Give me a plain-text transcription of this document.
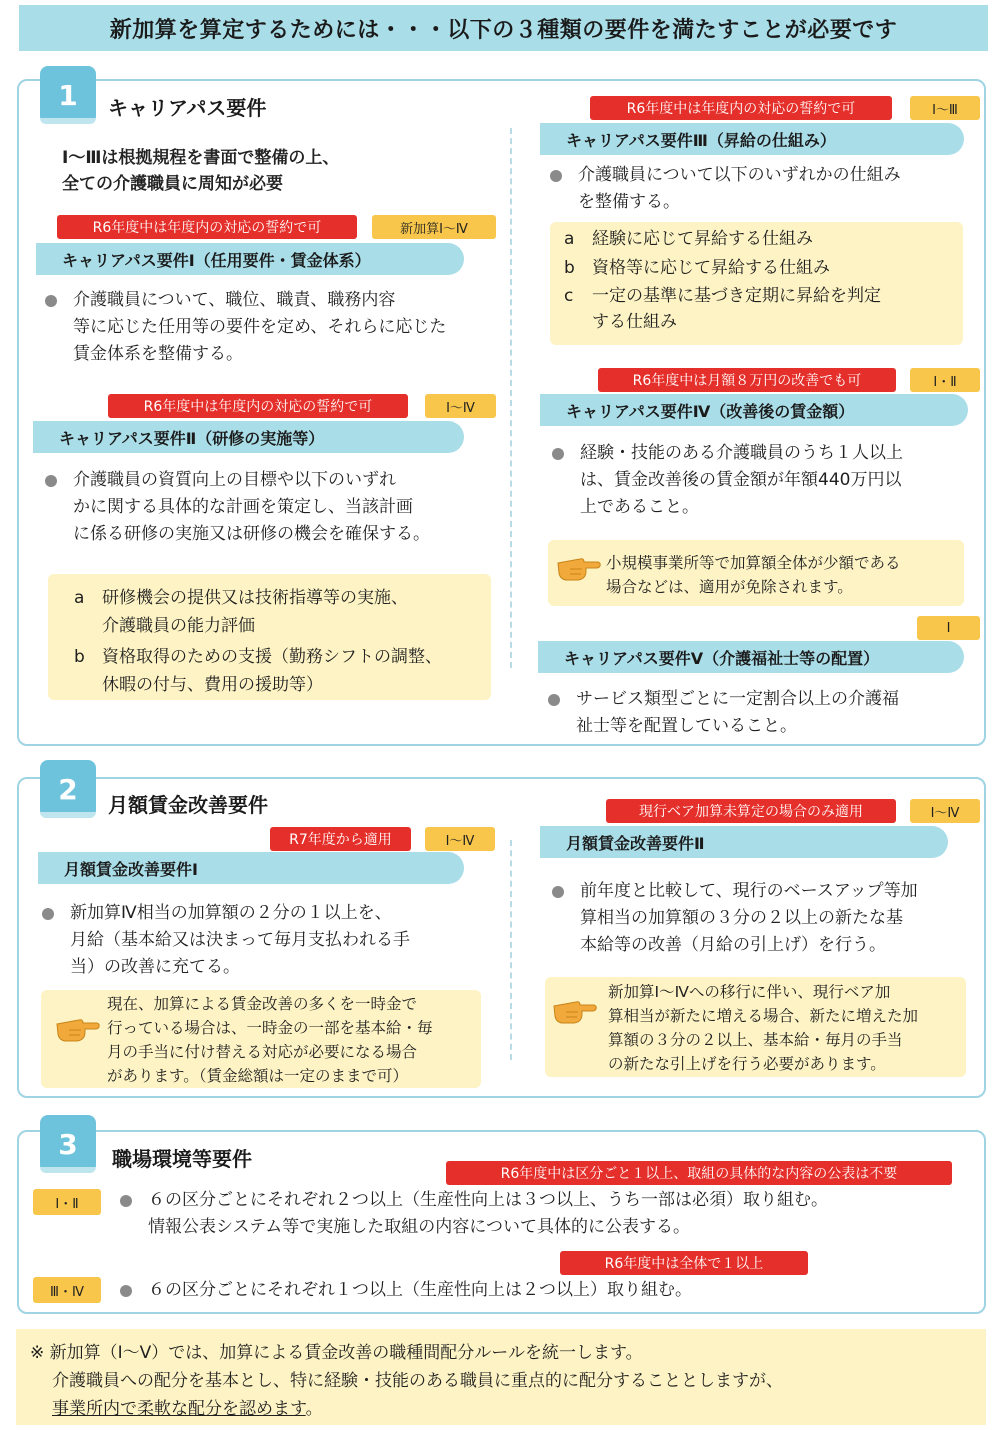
新加算を算定するためには・・・以下の３種類の要件を満たすことが必要です
1 キャリアパス要件
Ⅰ～Ⅲは根拠規程を書面で整備の上、
全ての介護職員に周知が必要
R6年度中は年度内の対応の誓約で可	新加算Ⅰ～Ⅳ
キャリアパス要件Ⅰ（任用要件・賃金体系）
介護職員について、職位、職責、職務内容
等に応じた任用等の要件を定め、それらに応じた
賃金体系を整備する。
R6年度中は年度内の対応の誓約で可	Ⅰ～Ⅳ
キャリアパス要件Ⅱ（研修の実施等）
介護職員の資質向上の目標や以下のいずれ
かに関する具体的な計画を策定し、当該計画
に係る研修の実施又は研修の機会を確保する。
a	研修機会の提供又は技術指導等の実施、
介護職員の能力評価
b	資格取得のための支援（勤務シフトの調整、
休暇の付与、費用の援助等）
R6年度中は年度内の対応の誓約で可	Ⅰ～Ⅲ
キャリアパス要件Ⅲ（昇給の仕組み）
介護職員について以下のいずれかの仕組み
を整備する。
a	経験に応じて昇給する仕組み
b	資格等に応じて昇給する仕組み
c	一定の基準に基づき定期に昇給を判定
する仕組み
R6年度中は月額８万円の改善でも可	Ⅰ・Ⅱ
キャリアパス要件Ⅳ（改善後の賃金額）
経験・技能のある介護職員のうち１人以上
は、賃金改善後の賃金額が年額440万円以
上であること。
小規模事業所等で加算額全体が少額である
場合などは、適用が免除されます。
Ⅰ
キャリアパス要件Ⅴ（介護福祉士等の配置）
サービス類型ごとに一定割合以上の介護福
祉士等を配置していること。
2 月額賃金改善要件
R7年度から適用	Ⅰ～Ⅳ
月額賃金改善要件Ⅰ
新加算Ⅳ相当の加算額の２分の１以上を、
月給（基本給又は決まって毎月支払われる手
当）の改善に充てる。
現在、加算による賃金改善の多くを一時金で
行っている場合は、一時金の一部を基本給・毎
月の手当に付け替える対応が必要になる場合
があります。（賃金総額は一定のままで可）
現行ベア加算未算定の場合のみ適用	Ⅰ～Ⅳ
月額賃金改善要件Ⅱ
前年度と比較して、現行のベースアップ等加
算相当の加算額の３分の２以上の新たな基
本給等の改善（月給の引上げ）を行う。
新加算Ⅰ～Ⅳへの移行に伴い、現行ベア加
算相当が新たに増える場合、新たに増えた加
算額の３分の２以上、基本給・毎月の手当
の新たな引上げを行う必要があります。
3 職場環境等要件
R6年度中は区分ごと１以上、取組の具体的な内容の公表は不要
Ⅰ・Ⅱ	６の区分ごとにそれぞれ２つ以上（生産性向上は３つ以上、うち一部は必須）取り組む。
情報公表システム等で実施した取組の内容について具体的に公表する。
R6年度中は全体で１以上
Ⅲ・Ⅳ	６の区分ごとにそれぞれ１つ以上（生産性向上は２つ以上）取り組む。
※ 新加算（Ⅰ～Ⅴ）では、加算による賃金改善の職種間配分ルールを統一します。
介護職員への配分を基本とし、特に経験・技能のある職員に重点的に配分することとしますが、
事業所内で柔軟な配分を認めます。
